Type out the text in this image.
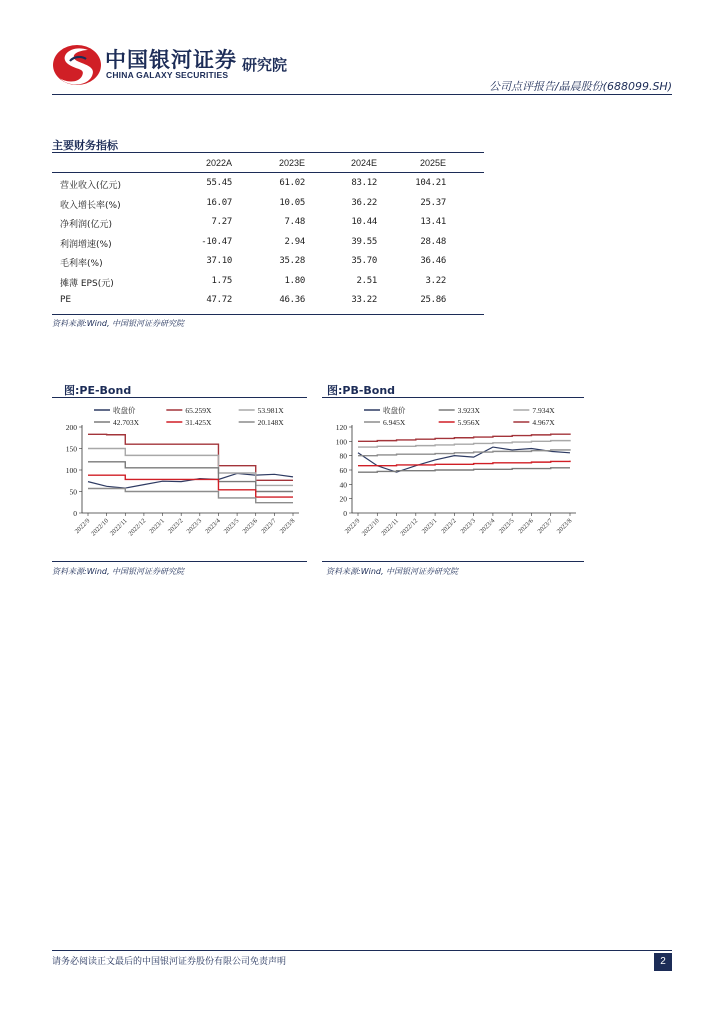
中国银河证券
CHINA GALAXY SECURITIES
研究院
公司点评报告/晶晨股份(688099.SH)
主要财务指标
2022A	2023E	2024E	2025E
营业收入(亿元)	55.45	61.02	83.12	104.21
收入增长率(%)	16.07	10.05	36.22	25.37
净利润(亿元)	7.27	7.48	10.44	13.41
利润增速(%)	-10.47	2.94	39.55	28.48
毛利率(%)	37.10	35.28	35.70	36.46
摊薄 EPS(元)	1.75	1.80	2.51	3.22
PE	47.72	46.36	33.22	25.86
资料来源:Wind, 中国银河证券研究院
图:PE-Bond
0
50
100
150
200
2022/9
2022/10
2022/11
2022/12 2023/1 2023/2 2023/3 2023/4 2023/5 2023/6 2023/7 2023/8
收盘价	65.259X	53.981X
42.703X	31.425X	20.148X
资料来源:Wind, 中国银河证券研究院
图:PB-Bond
0
20
40
60
80
100
120
2022/9 2022/10 2022/11 2022/12 2023/1 2023/2 2023/3 2023/4 2023/5 2023/6 2023/7 2023/8
收盘价	3.923X	7.934X
6.945X	5.956X	4.967X
资料来源:Wind, 中国银河证券研究院
请务必阅读正文最后的中国银河证券股份有限公司免责声明	2
